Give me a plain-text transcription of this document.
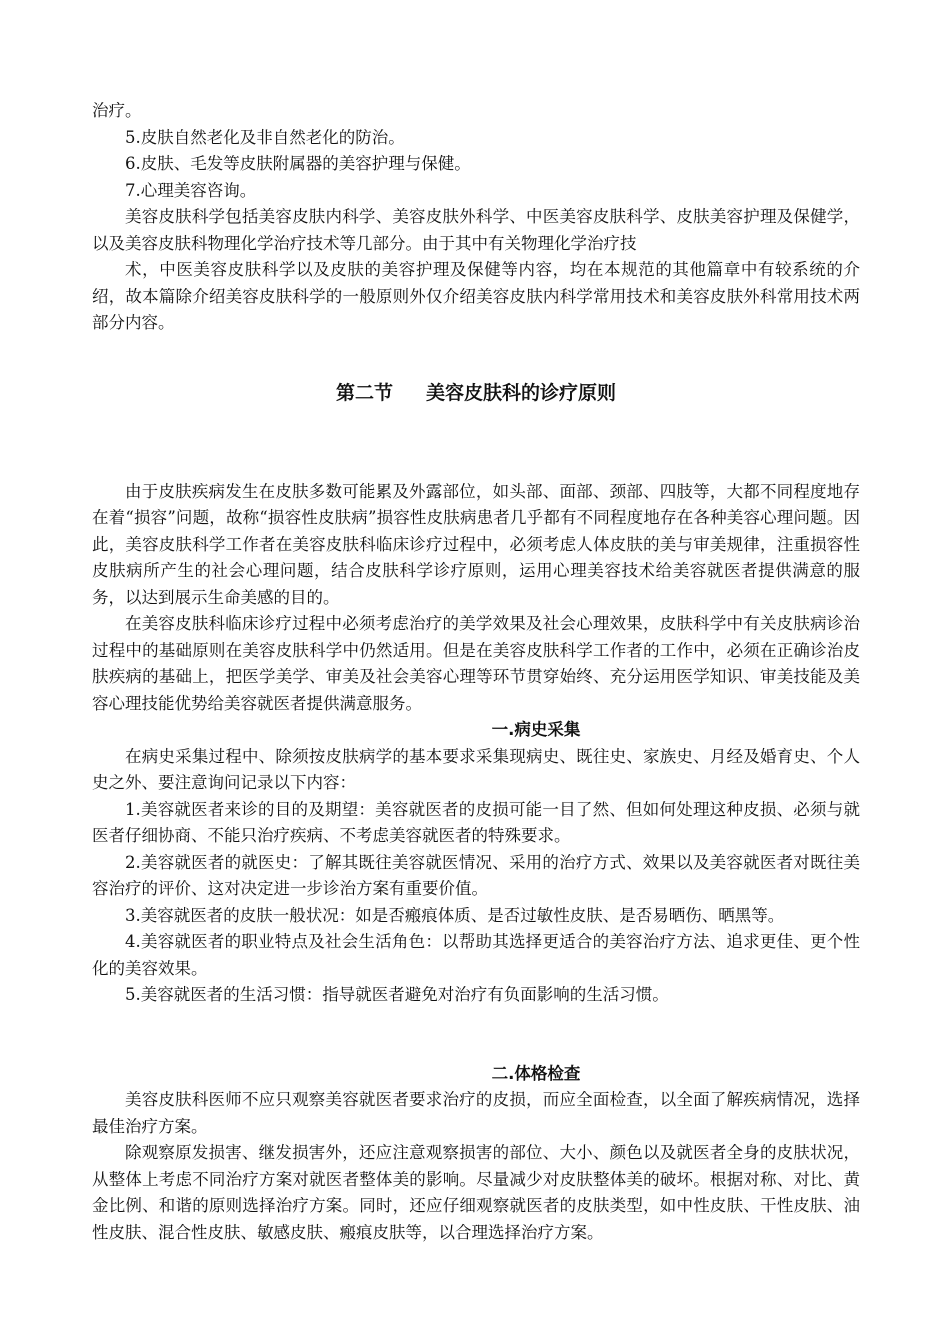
治疗。

5.皮肤自然老化及非自然老化的防治。

6.皮肤、毛发等皮肤附属器的美容护理与保健。

7.心理美容咨询。

美容皮肤科学包括美容皮肤内科学、美容皮肤外科学、中医美容皮肤科学、皮肤美容护理及保健学，以及美容皮肤科物理化学治疗技术等几部分。由于其中有关物理化学治疗技

术，中医美容皮肤科学以及皮肤的美容护理及保健等内容，均在本规范的其他篇章中有较系统的介绍，故本篇除介绍美容皮肤科学的一般原则外仅介绍美容皮肤内科学常用技术和美容皮肤外科常用技术两部分内容。

第二节     美容皮肤科的诊疗原则

由于皮肤疾病发生在皮肤多数可能累及外露部位，如头部、面部、颈部、四肢等，大都不同程度地存在着“损容”问题，故称“损容性皮肤病”损容性皮肤病患者几乎都有不同程度地存在各种美容心理问题。因此，美容皮肤科学工作者在美容皮肤科临床诊疗过程中，必须考虑人体皮肤的美与审美规律，注重损容性皮肤病所产生的社会心理问题，结合皮肤科学诊疗原则，运用心理美容技术给美容就医者提供满意的服务，以达到展示生命美感的目的。

在美容皮肤科临床诊疗过程中必须考虑治疗的美学效果及社会心理效果，皮肤科学中有关皮肤病诊治过程中的基础原则在美容皮肤科学中仍然适用。但是在美容皮肤科学工作者的工作中，必须在正确诊治皮肤疾病的基础上，把医学美学、审美及社会美容心理等环节贯穿始终、充分运用医学知识、审美技能及美容心理技能优势给美容就医者提供满意服务。

一.病史采集

在病史采集过程中、除须按皮肤病学的基本要求采集现病史、既往史、家族史、月经及婚育史、个人史之外、要注意询问记录以下内容：

1.美容就医者来诊的目的及期望：美容就医者的皮损可能一目了然、但如何处理这种皮损、必须与就医者仔细协商、不能只治疗疾病、不考虑美容就医者的特殊要求。

2.美容就医者的就医史：了解其既往美容就医情况、采用的治疗方式、效果以及美容就医者对既往美容治疗的评价、这对决定进一步诊治方案有重要价值。

3.美容就医者的皮肤一般状况：如是否瘢痕体质、是否过敏性皮肤、是否易晒伤、晒黑等。

4.美容就医者的职业特点及社会生活角色：以帮助其选择更适合的美容治疗方法、追求更佳、更个性化的美容效果。

5.美容就医者的生活习惯：指导就医者避免对治疗有负面影响的生活习惯。

二.体格检查

美容皮肤科医师不应只观察美容就医者要求治疗的皮损，而应全面检查，以全面了解疾病情况，选择最佳治疗方案。

除观察原发损害、继发损害外，还应注意观察损害的部位、大小、颜色以及就医者全身的皮肤状况，从整体上考虑不同治疗方案对就医者整体美的影响。尽量减少对皮肤整体美的破坏。根据对称、对比、黄金比例、和谐的原则选择治疗方案。同时，还应仔细观察就医者的皮肤类型，如中性皮肤、干性皮肤、油性皮肤、混合性皮肤、敏感皮肤、瘢痕皮肤等，以合理选择治疗方案。
